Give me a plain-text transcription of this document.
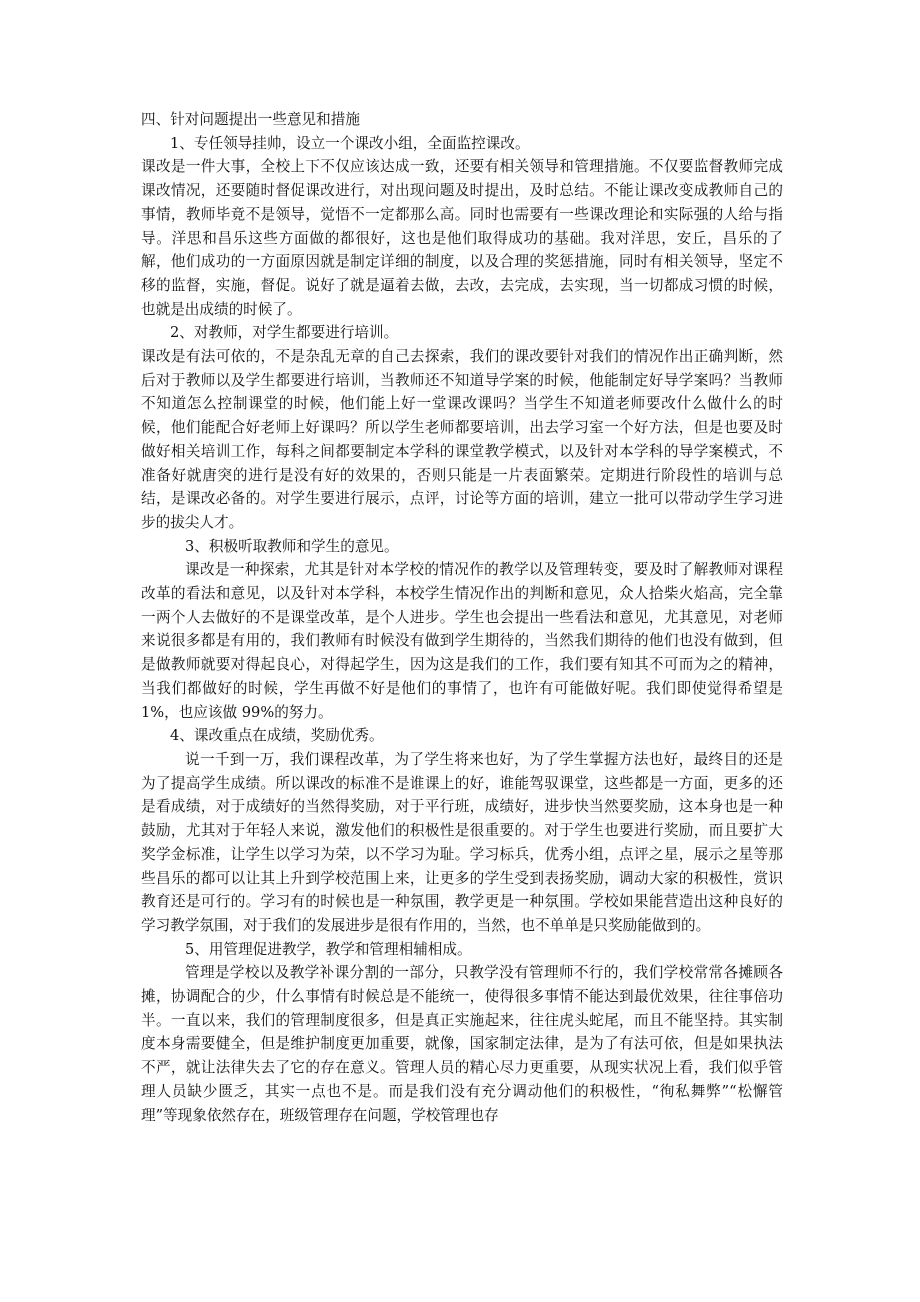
四、针对问题提出一些意见和措施

1、专任领导挂帅，设立一个课改小组，全面监控课改。

课改是一件大事，全校上下不仅应该达成一致，还要有相关领导和管理措施。不仅要监督教师完成课改情况，还要随时督促课改进行，对出现问题及时提出，及时总结。不能让课改变成教师自己的事情，教师毕竟不是领导，觉悟不一定都那么高。同时也需要有一些课改理论和实际强的人给与指导。洋思和昌乐这些方面做的都很好，这也是他们取得成功的基础。我对洋思，安丘，昌乐的了解，他们成功的一方面原因就是制定详细的制度，以及合理的奖惩措施，同时有相关领导，坚定不移的监督，实施，督促。说好了就是逼着去做，去改，去完成，去实现，当一切都成习惯的时候，也就是出成绩的时候了。

2、对教师，对学生都要进行培训。

课改是有法可依的，不是杂乱无章的自己去探索，我们的课改要针对我们的情况作出正确判断，然后对于教师以及学生都要进行培训，当教师还不知道导学案的时候，他能制定好导学案吗？当教师不知道怎么控制课堂的时候，他们能上好一堂课改课吗？当学生不知道老师要改什么做什么的时候，他们能配合好老师上好课吗？所以学生老师都要培训，出去学习室一个好方法，但是也要及时做好相关培训工作，每科之间都要制定本学科的课堂教学模式，以及针对本学科的导学案模式，不准备好就唐突的进行是没有好的效果的，否则只能是一片表面繁荣。定期进行阶段性的培训与总结，是课改必备的。对学生要进行展示，点评，讨论等方面的培训，建立一批可以带动学生学习进步的拔尖人才。

3、积极听取教师和学生的意见。

课改是一种探索，尤其是针对本学校的情况作的教学以及管理转变，要及时了解教师对课程改革的看法和意见，以及针对本学科，本校学生情况作出的判断和意见，众人拾柴火焰高，完全靠一两个人去做好的不是课堂改革，是个人进步。学生也会提出一些看法和意见，尤其意见，对老师来说很多都是有用的，我们教师有时候没有做到学生期待的，当然我们期待的他们也没有做到，但是做教师就要对得起良心，对得起学生，因为这是我们的工作，我们要有知其不可而为之的精神，当我们都做好的时候，学生再做不好是他们的事情了，也许有可能做好呢。我们即使觉得希望是 1%，也应该做 99%的努力。

4、课改重点在成绩，奖励优秀。

说一千到一万，我们课程改革，为了学生将来也好，为了学生掌握方法也好，最终目的还是为了提高学生成绩。所以课改的标准不是谁课上的好，谁能驾驭课堂，这些都是一方面，更多的还是看成绩，对于成绩好的当然得奖励，对于平行班，成绩好，进步快当然要奖励，这本身也是一种鼓励，尤其对于年轻人来说，激发他们的积极性是很重要的。对于学生也要进行奖励，而且要扩大奖学金标准，让学生以学习为荣，以不学习为耻。学习标兵，优秀小组，点评之星，展示之星等那些昌乐的都可以让其上升到学校范围上来，让更多的学生受到表扬奖励，调动大家的积极性，赏识教育还是可行的。学习有的时候也是一种氛围，教学更是一种氛围。学校如果能营造出这种良好的学习教学氛围，对于我们的发展进步是很有作用的，当然，也不单单是只奖励能做到的。

5、用管理促进教学，教学和管理相辅相成。

管理是学校以及教学补课分割的一部分，只教学没有管理师不行的，我们学校常常各摊顾各摊，协调配合的少，什么事情有时候总是不能统一，使得很多事情不能达到最优效果，往往事倍功半。一直以来，我们的管理制度很多，但是真正实施起来，往往虎头蛇尾，而且不能坚持。其实制度本身需要健全，但是维护制度更加重要，就像，国家制定法律，是为了有法可依，但是如果执法不严，就让法律失去了它的存在意义。管理人员的精心尽力更重要，从现实状况上看，我们似乎管理人员缺少匮乏，其实一点也不是。而是我们没有充分调动他们的积极性，“徇私舞弊”“松懈管理”等现象依然存在，班级管理存在问题，学校管理也存
